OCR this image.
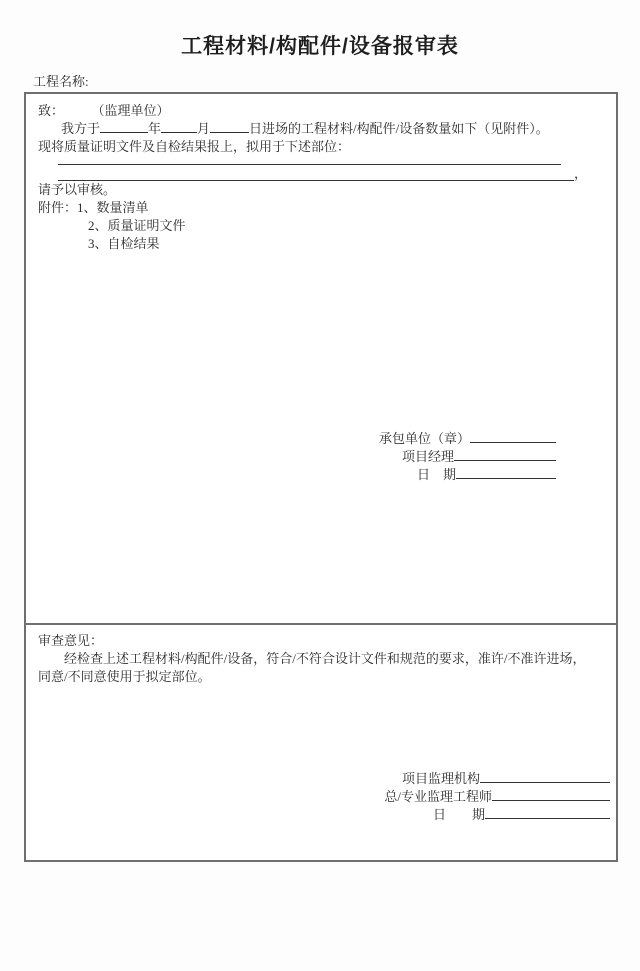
工程材料/构配件/设备报审表
工程名称:
致：	（监理单位）
我方于	年	月	日进场的工程材料/构配件/设备数量如下（见附件）。
现将质量证明文件及自检结果报上，拟用于下述部位：
，
请予以审核。
附件：1、数量清单
2、质量证明文件
3、自检结果
承包单位（章）
项目经理
日　期
审查意见：
经检查上述工程材料/构配件/设备，符合/不符合设计文件和规范的要求，准许/不准许进场，
同意/不同意使用于拟定部位。
项目监理机构
总/专业监理工程师
日　　期
